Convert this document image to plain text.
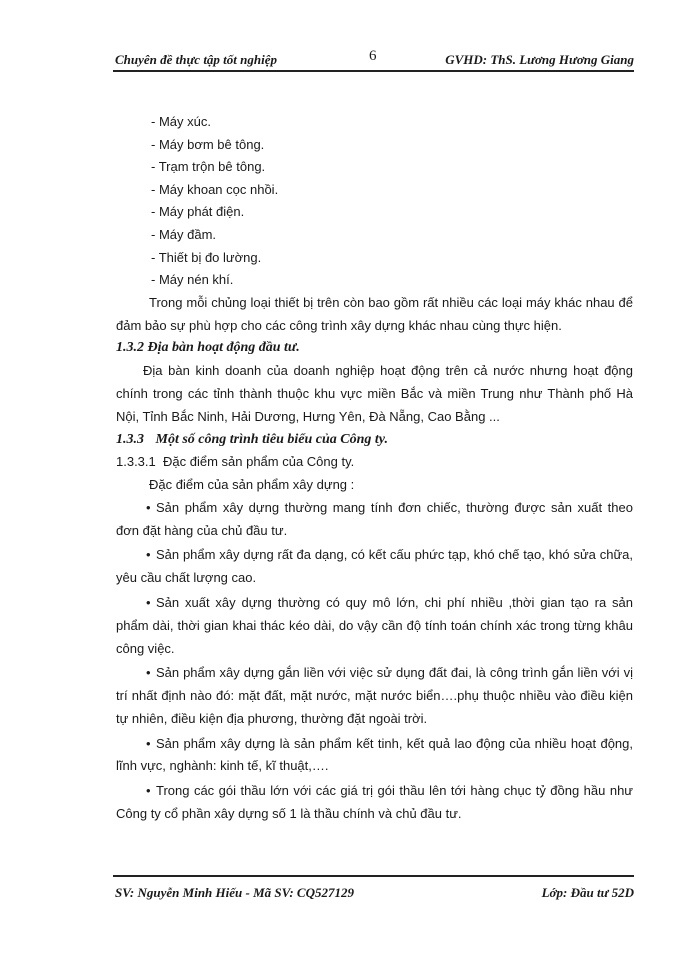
Chuyên đề thực tập tốt nghiệp	6	GVHD: ThS. Lương Hương Giang
- Máy xúc.
- Máy bơm bê tông.
- Trạm trộn bê tông.
- Máy khoan cọc nhồi.
- Máy phát điện.
- Máy đầm.
- Thiết bị đo lường.
- Máy nén khí.

Trong mỗi chủng loại thiết bị trên còn bao gồm rất nhiều các loại máy khác nhau để đảm bảo sự phù hợp cho các công trình xây dựng khác nhau cùng thực hiện.

1.3.2 Địa bàn hoạt động đầu tư.

Địa bàn kinh doanh của doanh nghiệp hoạt động trên cả nước nhưng hoạt động chính trong các tỉnh thành thuộc khu vực miền Bắc và miền Trung như Thành phố Hà Nội, Tỉnh Bắc Ninh, Hải Dương, Hưng Yên, Đà Nẵng, Cao Bằng ...

1.3.3 Một số công trình tiêu biểu của Công ty.
1.3.3.1 Đặc điểm sản phẩm của Công ty.
Đặc điểm của sản phẩm xây dựng :
• Sản phẩm xây dựng thường mang tính đơn chiếc, thường được sản xuất theo đơn đặt hàng của chủ đầu tư.
• Sản phẩm xây dựng rất đa dạng, có kết cấu phức tạp, khó chế tạo, khó sửa chữa, yêu cầu chất lượng cao.
• Sản xuất xây dựng thường có quy mô lớn, chi phí nhiều ,thời gian tạo ra sản phẩm dài, thời gian khai thác kéo dài, do vậy cần độ tính toán chính xác trong từng khâu công việc.
• Sản phẩm xây dựng gắn liền với việc sử dụng đất đai, là công trình gắn liền với vị trí nhất định nào đó: mặt đất, mặt nước, mặt nước biển….phụ thuộc nhiều vào điều kiện tự nhiên, điều kiện địa phương, thường đặt ngoài trời.
• Sản phẩm xây dựng là sản phẩm kết tinh, kết quả lao động của nhiều hoạt động, lĩnh vực, nghành: kinh tế, kĩ thuật,….
• Trong các gói thầu lớn với các giá trị gói thầu lên tới hàng chục tỷ đồng hầu như Công ty cổ phần xây dựng số 1 là thầu chính và chủ đầu tư.
SV: Nguyễn Minh Hiếu - Mã SV: CQ527129	Lớp: Đầu tư 52D
